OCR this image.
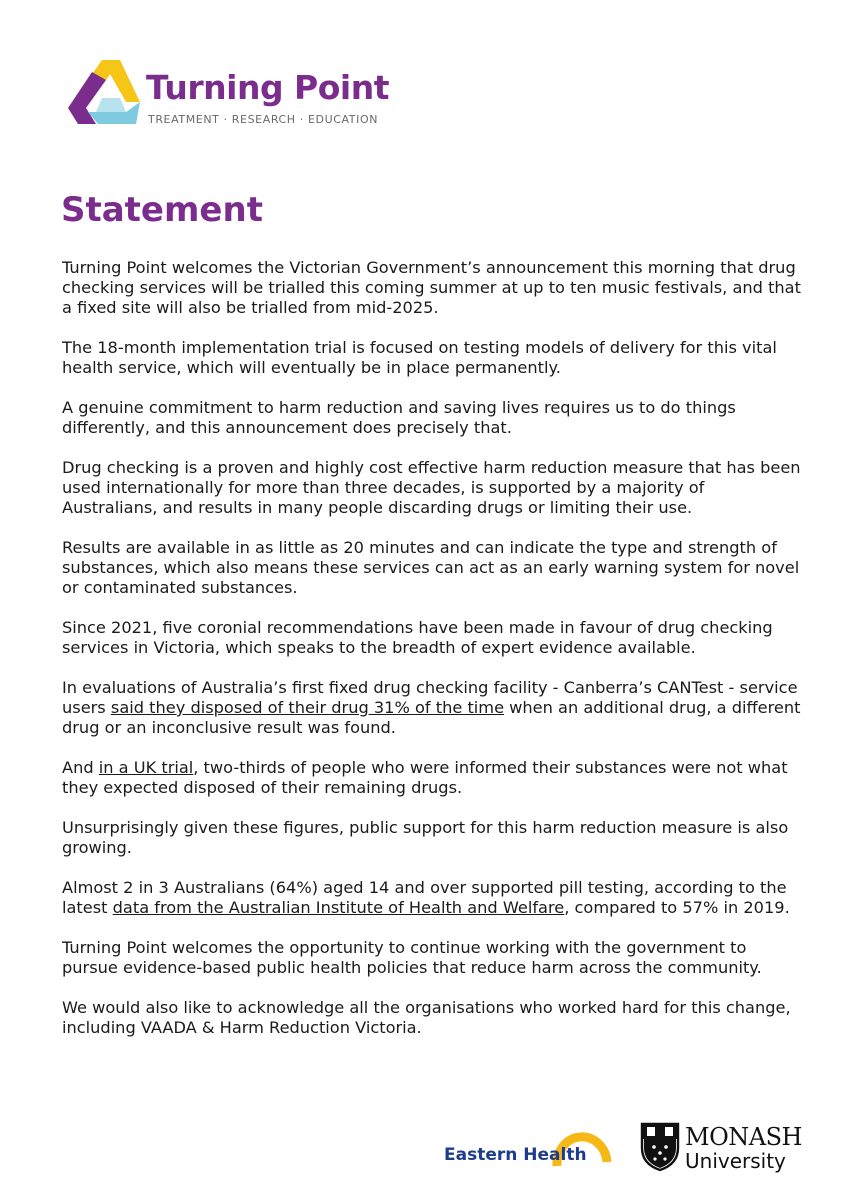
Turning Point
TREATMENT · RESEARCH · EDUCATION
Statement

Turning Point welcomes the Victorian Government’s announcement this morning that drug checking services will be trialled this coming summer at up to ten music festivals, and that a fixed site will also be trialled from mid-2025.

The 18-month implementation trial is focused on testing models of delivery for this vital health service, which will eventually be in place permanently.

A genuine commitment to harm reduction and saving lives requires us to do things differently, and this announcement does precisely that.

Drug checking is a proven and highly cost effective harm reduction measure that has been used internationally for more than three decades, is supported by a majority of Australians, and results in many people discarding drugs or limiting their use.

Results are available in as little as 20 minutes and can indicate the type and strength of substances, which also means these services can act as an early warning system for novel or contaminated substances.

Since 2021, five coronial recommendations have been made in favour of drug checking services in Victoria, which speaks to the breadth of expert evidence available.

In evaluations of Australia’s first fixed drug checking facility - Canberra’s CANTest - service users said they disposed of their drug 31% of the time when an additional drug, a different drug or an inconclusive result was found.

And in a UK trial, two-thirds of people who were informed their substances were not what they expected disposed of their remaining drugs.

Unsurprisingly given these figures, public support for this harm reduction measure is also growing.

Almost 2 in 3 Australians (64%) aged 14 and over supported pill testing, according to the latest data from the Australian Institute of Health and Welfare, compared to 57% in 2019.

Turning Point welcomes the opportunity to continue working with the government to pursue evidence-based public health policies that reduce harm across the community.

We would also like to acknowledge all the organisations who worked hard for this change, including VAADA & Harm Reduction Victoria.

Eastern Health
MONASH
University
